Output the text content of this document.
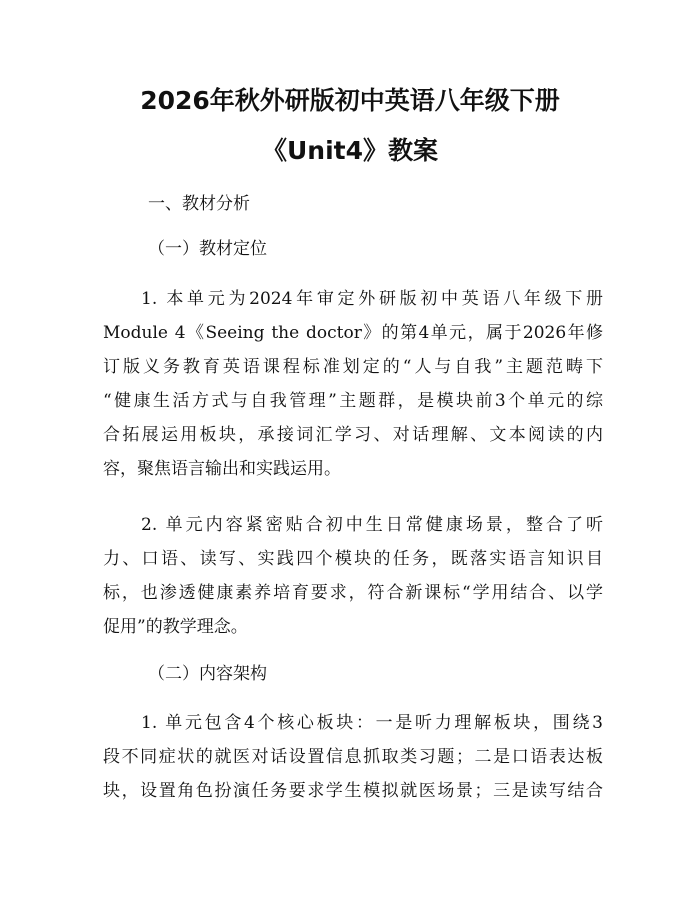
2026年秋外研版初中英语八年级下册
《Unit4》教案

一、教材分析

（一）教材定位

1. 本单元为2024年审定外研版初中英语八年级下册
Module 4《Seeing the doctor》的第4单元，属于2026年修
订版义务教育英语课程标准划定的“人与自我”主题范畴下
“健康生活方式与自我管理”主题群，是模块前3个单元的综
合拓展运用板块，承接词汇学习、对话理解、文本阅读的内
容，聚焦语言输出和实践运用。
2. 单元内容紧密贴合初中生日常健康场景，整合了听
力、口语、读写、实践四个模块的任务，既落实语言知识目
标，也渗透健康素养培育要求，符合新课标“学用结合、以学
促用”的教学理念。

（二）内容架构

1. 单元包含4个核心板块：一是听力理解板块，围绕3
段不同症状的就医对话设置信息抓取类习题；二是口语表达板
块，设置角色扮演任务要求学生模拟就医场景；三是读写结合
